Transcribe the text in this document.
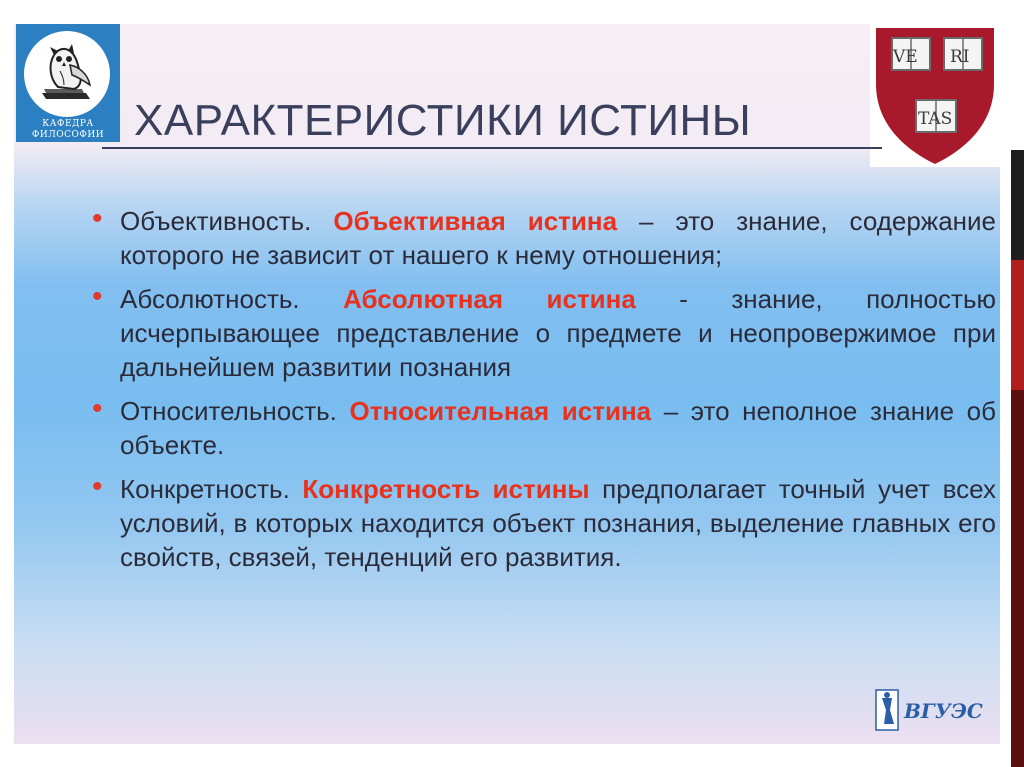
КАФЕДРА
ФИЛОСОФИИ
VE RI
TAS
ХАРАКТЕРИСТИКИ ИСТИНЫ
• Объективность. Объективная истина – это знание, содержание которого не зависит от нашего к нему отношения;
• Абсолютность. Абсолютная истина - знание, полностью исчерпывающее представление о предмете и неопровержимое при дальнейшем развитии познания
• Относительность. Относительная истина – это неполное знание об объекте.
• Конкретность. Конкретность истины предполагает точный учет всех условий, в которых находится объект познания, выделение главных его свойств, связей, тенденций его развития.
ВГУЭС
